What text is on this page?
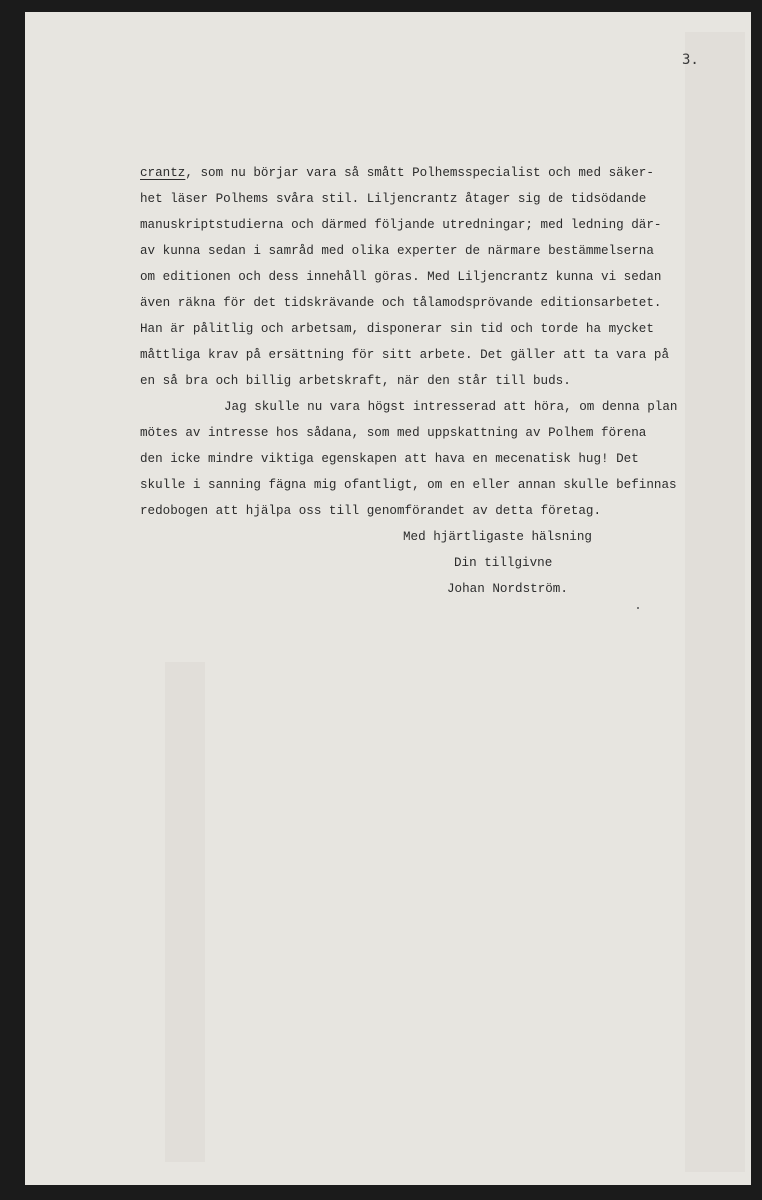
3.
crantz, som nu börjar vara så smått Polhemsspecialist och med säker-
het läser Polhems svåra stil. Liljencrantz åtager sig de tidsödande
manuskriptstudierna och därmed följande utredningar; med ledning där-
av kunna sedan i samråd med olika experter de närmare bestämmelserna
om editionen och dess innehåll göras. Med Liljencrantz kunna vi sedan
även räkna för det tidskrävande och tålamodsprövande editionsarbetet.
Han är pålitlig och arbetsam, disponerar sin tid och torde ha mycket
måttliga krav på ersättning för sitt arbete. Det gäller att ta vara på
en så bra och billig arbetskraft, när den står till buds.
Jag skulle nu vara högst intresserad att höra, om denna plan
mötes av intresse hos sådana, som med uppskattning av Polhem förena
den icke mindre viktiga egenskapen att hava en mecenatisk hug! Det
skulle i sanning fägna mig ofantligt, om en eller annan skulle befinnas
redobogen att hjälpa oss till genomförandet av detta företag.
Med hjärtligaste hälsning
Din tillgivne
Johan Nordström.
